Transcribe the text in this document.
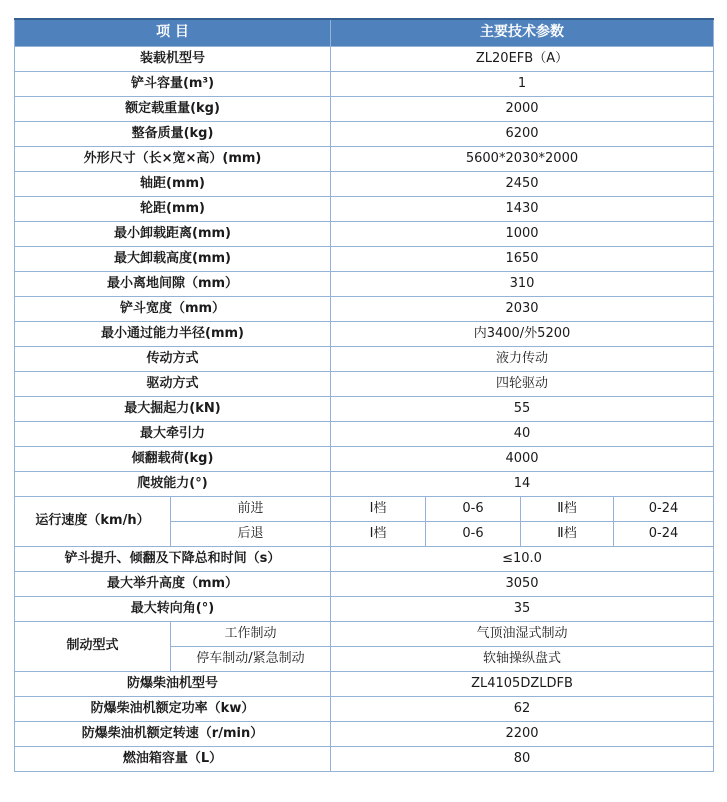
项 目		主要技术参数			
装载机型号		ZL20EFB（A）			
铲斗容量(m³)		1			
额定载重量(kg)		2000			
整备质量(kg)		6200			
外形尺寸（长×宽×高）(mm)		5600*2030*2000			
轴距(mm)		2450			
轮距(mm)		1430			
最小卸载距离(mm)		1000			
最大卸载高度(mm)		1650			
最小离地间隙（mm）		310			
铲斗宽度（mm）		2030			
最小通过能力半径(mm)		内3400/外5200			
传动方式		液力传动			
驱动方式		四轮驱动			
最大掘起力(kN)		55			
最大牵引力		40			
倾翻载荷(kg)		4000			
爬坡能力(°)		14			
运行速度（km/h）	前进	Ⅰ档	0-6	Ⅱ档	0-24
	后退	Ⅰ档	0-6	Ⅱ档	0-24
铲斗提升、倾翻及下降总和时间（s）		≤10.0			
最大举升高度（mm）		3050			
最大转向角(°)		35			
制动型式	工作制动	气顶油湿式制动			
	停车制动/紧急制动	软轴操纵盘式			
防爆柴油机型号		ZL4105DZLDFB			
防爆柴油机额定功率（kw）		62			
防爆柴油机额定转速（r/min）		2200			
燃油箱容量（L）		80			
